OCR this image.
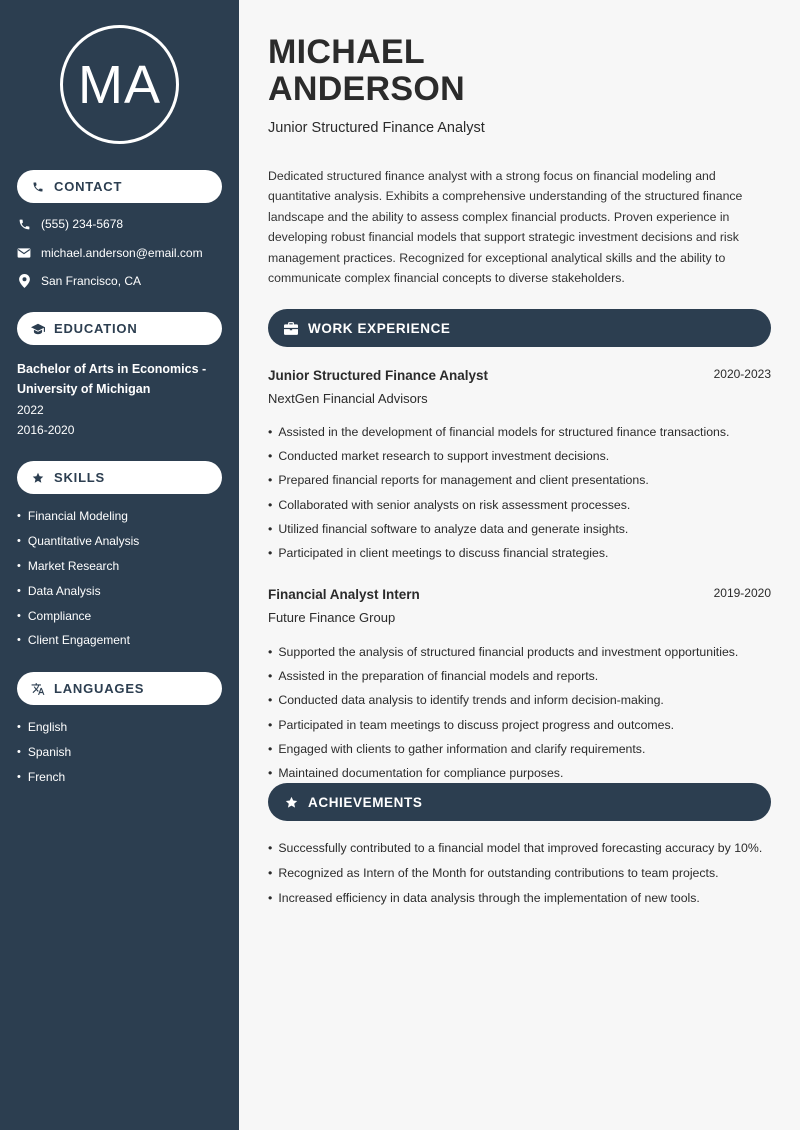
MA
CONTACT
(555) 234-5678
michael.anderson@email.com
San Francisco, CA
EDUCATION
Bachelor of Arts in Economics - University of Michigan
2022
2016-2020
SKILLS
• Financial Modeling
• Quantitative Analysis
• Market Research
• Data Analysis
• Compliance
• Client Engagement
LANGUAGES
• English
• Spanish
• French
MICHAEL
ANDERSON
Junior Structured Finance Analyst

Dedicated structured finance analyst with a strong focus on financial modeling and quantitative analysis. Exhibits a comprehensive understanding of the structured finance landscape and the ability to assess complex financial products. Proven experience in developing robust financial models that support strategic investment decisions and risk management practices. Recognized for exceptional analytical skills and the ability to communicate complex financial concepts to diverse stakeholders.

WORK EXPERIENCE
Junior Structured Finance Analyst	2020-2023
NextGen Financial Advisors
• Assisted in the development of financial models for structured finance transactions.
• Conducted market research to support investment decisions.
• Prepared financial reports for management and client presentations.
• Collaborated with senior analysts on risk assessment processes.
• Utilized financial software to analyze data and generate insights.
• Participated in client meetings to discuss financial strategies.
Financial Analyst Intern	2019-2020
Future Finance Group
• Supported the analysis of structured financial products and investment opportunities.
• Assisted in the preparation of financial models and reports.
• Conducted data analysis to identify trends and inform decision-making.
• Participated in team meetings to discuss project progress and outcomes.
• Engaged with clients to gather information and clarify requirements.
• Maintained documentation for compliance purposes.
ACHIEVEMENTS
• Successfully contributed to a financial model that improved forecasting accuracy by 10%.
• Recognized as Intern of the Month for outstanding contributions to team projects.
• Increased efficiency in data analysis through the implementation of new tools.
